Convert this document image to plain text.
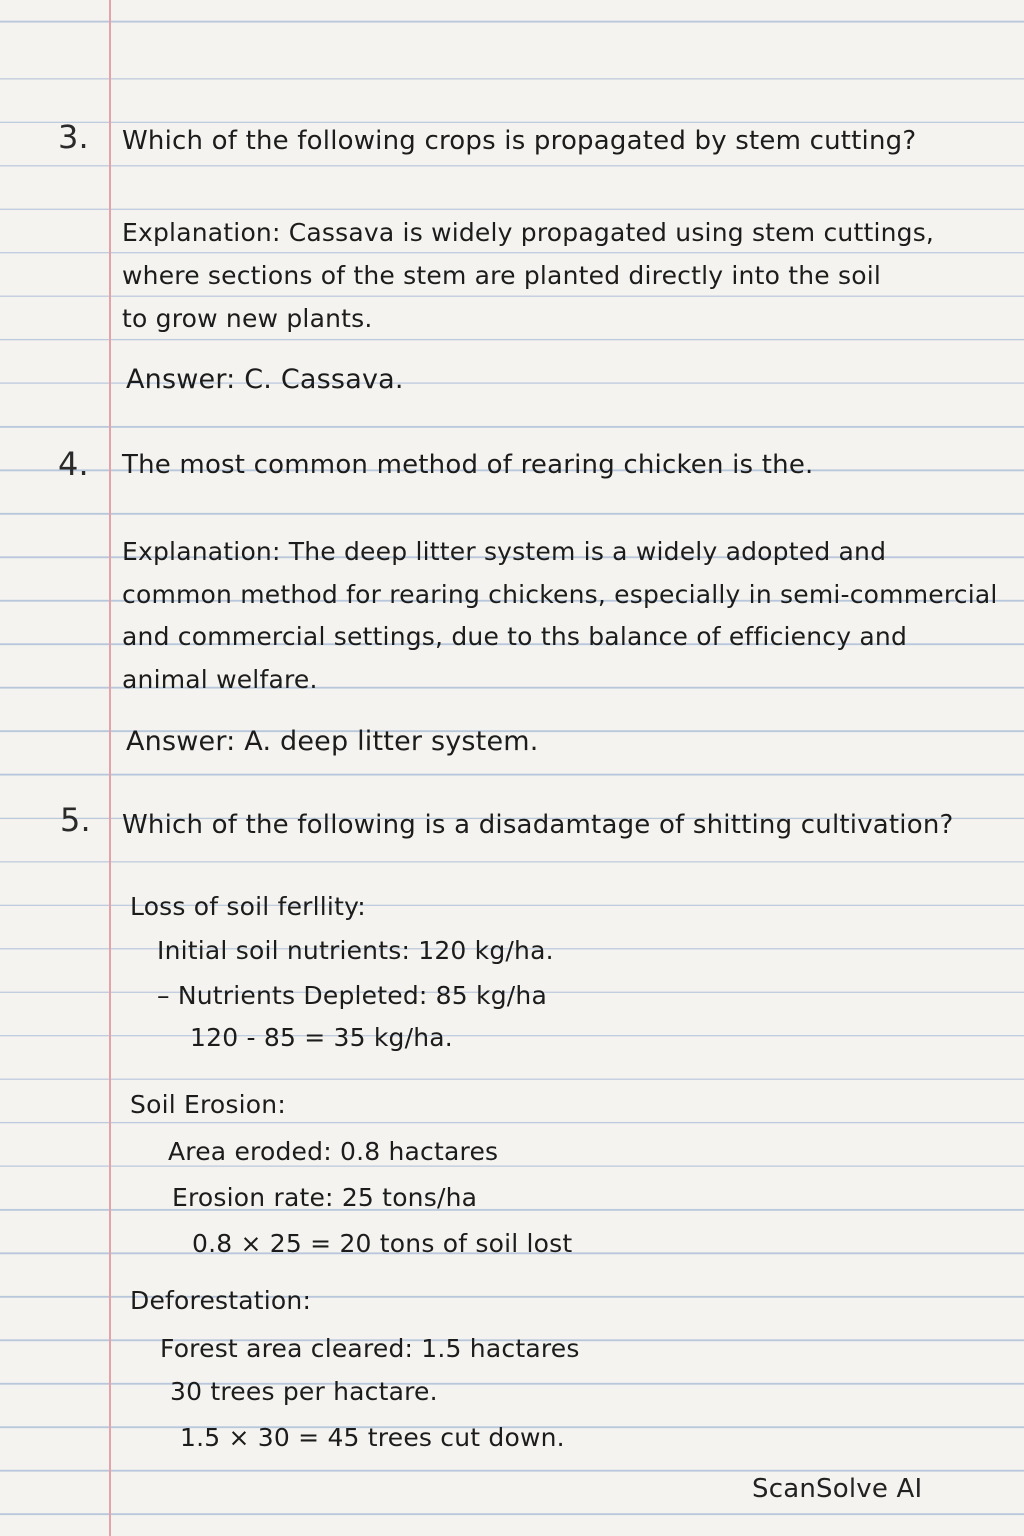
3. Which of the following crops is propagated by stem cutting?
Explanation: Cassava is widely propagated using stem cuttings,
where sections of the stem are planted directly into the soil
to grow new plants.
Answer: C. Cassava.
4. The most common method of rearing chicken is the.
Explanation: The deep litter system is a widely adopted and
common method for rearing chickens, especially in semi-commercial
and commercial settings, due to ths balance of efficiency and
animal welfare.
Answer: A. deep litter system.
5. Which of the following is a disadamtage of shitting cultivation?
Loss of soil ferllity:
Initial soil nutrients: 120 kg/ha.
– Nutrients Depleted: 85 kg/ha
120 - 85 = 35 kg/ha.
Soil Erosion:
Area eroded: 0.8 hactares
Erosion rate: 25 tons/ha
0.8 × 25 = 20 tons of soil lost
Deforestation:
Forest area cleared: 1.5 hactares
30 trees per hactare.
1.5 × 30 = 45 trees cut down.
ScanSolve AI
